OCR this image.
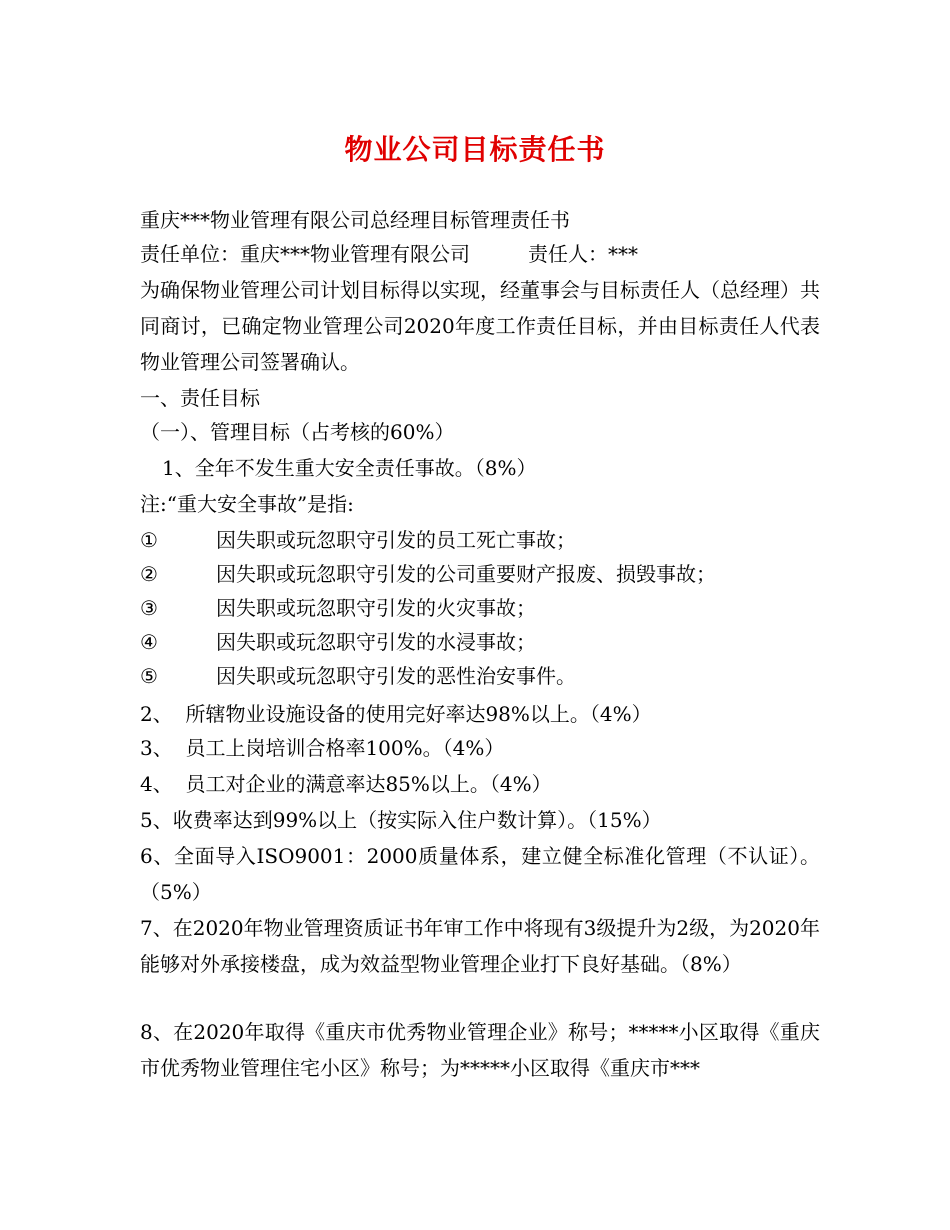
物业公司目标责任书
重庆***物业管理有限公司总经理目标管理责任书
责任单位：重庆***物业管理有限公司	责任人：***
为确保物业管理公司计划目标得以实现，经董事会与目标责任人（总经理）共同商讨，已确定物业管理公司2020年度工作责任目标，并由目标责任人代表物业管理公司签署确认。
一、责任目标
（一）、管理目标（占考核的60%）
1、全年不发生重大安全责任事故。（8%）
注:“重大安全事故”是指:
①	因失职或玩忽职守引发的员工死亡事故；
②	因失职或玩忽职守引发的公司重要财产报废、损毁事故；
③	因失职或玩忽职守引发的火灾事故；
④	因失职或玩忽职守引发的水浸事故；
⑤	因失职或玩忽职守引发的恶性治安事件。
2、  所辖物业设施设备的使用完好率达98%以上。（4%）
3、  员工上岗培训合格率100%。（4%）
4、  员工对企业的满意率达85%以上。（4%）
5、收费率达到99%以上（按实际入住户数计算）。（15%）
6、全面导入ISO9001：2000质量体系，建立健全标准化管理（不认证）。（5%）
7、在2020年物业管理资质证书年审工作中将现有3级提升为2级，为2020年能够对外承接楼盘，成为效益型物业管理企业打下良好基础。（8%）
8、在2020年取得《重庆市优秀物业管理企业》称号；*****小区取得《重庆市优秀物业管理住宅小区》称号；为*****小区取得《重庆市***
